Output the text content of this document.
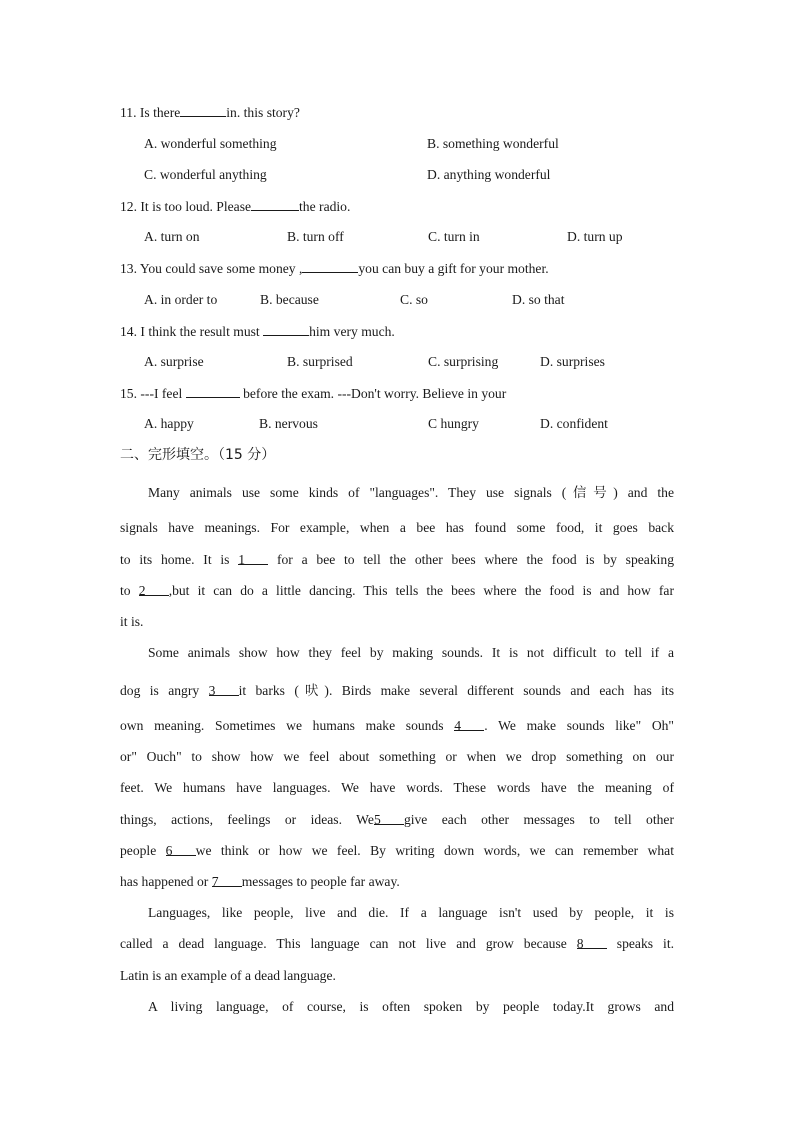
11. Is there	in. this story?
A. wonderful something	B. something wonderful
C. wonderful anything	D. anything wonderful
12. It is too loud. Please	the radio.
A. turn on	B. turn off	C. turn in	D. turn up
13. You could save some money ,	you can buy a gift for your mother.
A. in order to	B. because	C. so	D. so that
14. I think the result must	him very much.
A. surprise	B. surprised	C. surprising	D. surprises
15. ---I feel	before the exam. ---Don't worry. Believe in your
A. happy	B. nervous	C hungry	D. confident
二、完形填空。（15 分）
Many animals use some kinds of "languages". They use signals (信号) and the
signals have meanings. For example, when a bee has found some food, it goes back
to its home. It is 1 for a bee to tell the other bees where the food is by speaking
to 2 ,but it can do a little dancing. This tells the bees where the food is and how far
it is.
Some animals show how they feel by making sounds. It is not difficult to tell if a
dog is angry 3 it barks (吠). Birds make several different sounds and each has its
own meaning. Sometimes we humans make sounds 4 . We make sounds like" Oh"
or" Ouch" to show how we feel about something or when we drop something on our
feet. We humans have languages. We have words. These words have the meaning of
things, actions, feelings or ideas. We5 give each other messages to tell other
people 6 we think or how we feel. By writing down words, we can remember what
has happened or 7 messages to people far away.
Languages, like people, live and die. If a language isn't used by people, it is
called a dead language. This language can not live and grow because 8 speaks it.
Latin is an example of a dead language.
A living language, of course, is often spoken by people today.It grows and
